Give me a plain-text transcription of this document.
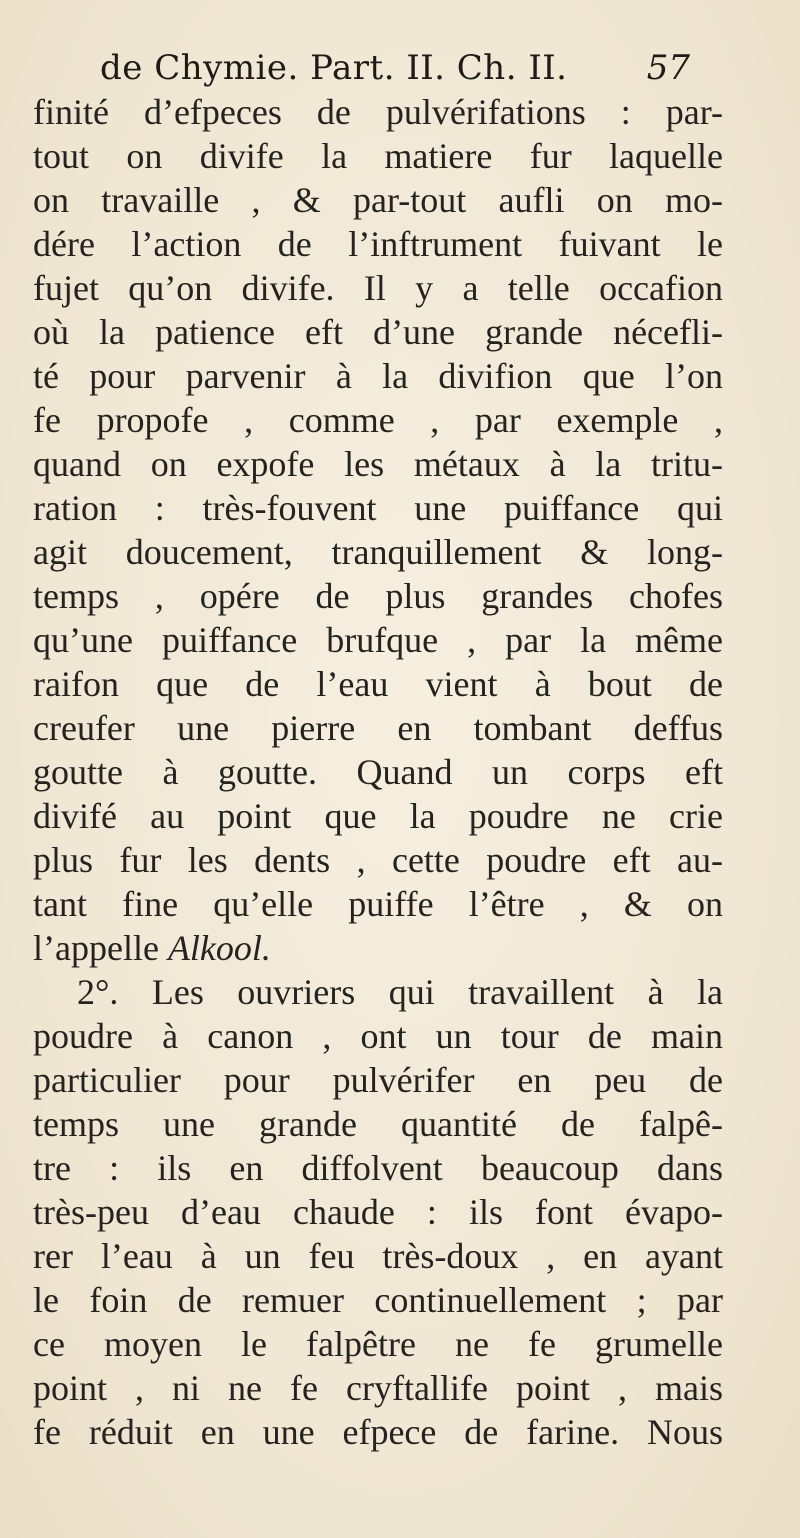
de Chymie. Part. II. Ch. II. 57
finité d’efpeces de pulvérifations : par-
tout on divife la matiere fur laquelle
on travaille , & par-tout aufli on mo-
dére l’action de l’inftrument fuivant le
fujet qu’on divife. Il y a telle occafion
où la patience eft d’une grande nécefli-
té pour parvenir à la divifion que l’on
fe propofe , comme , par exemple ,
quand on expofe les métaux à la tritu-
ration : très-fouvent une puiffance qui
agit doucement, tranquillement & long-
temps , opére de plus grandes chofes
qu’une puiffance brufque , par la même
raifon que de l’eau vient à bout de
creufer une pierre en tombant deffus
goutte à goutte. Quand un corps eft
divifé au point que la poudre ne crie
plus fur les dents , cette poudre eft au-
tant fine qu’elle puiffe l’être , & on
l’appelle Alkool.
2°. Les ouvriers qui travaillent à la
poudre à canon , ont un tour de main
particulier pour pulvérifer en peu de
temps une grande quantité de falpê-
tre : ils en diffolvent beaucoup dans
très-peu d’eau chaude : ils font évapo-
rer l’eau à un feu très-doux , en ayant
le foin de remuer continuellement ; par
ce moyen le falpêtre ne fe grumelle
point , ni ne fe cryftallife point , mais
fe réduit en une efpece de farine. Nous
